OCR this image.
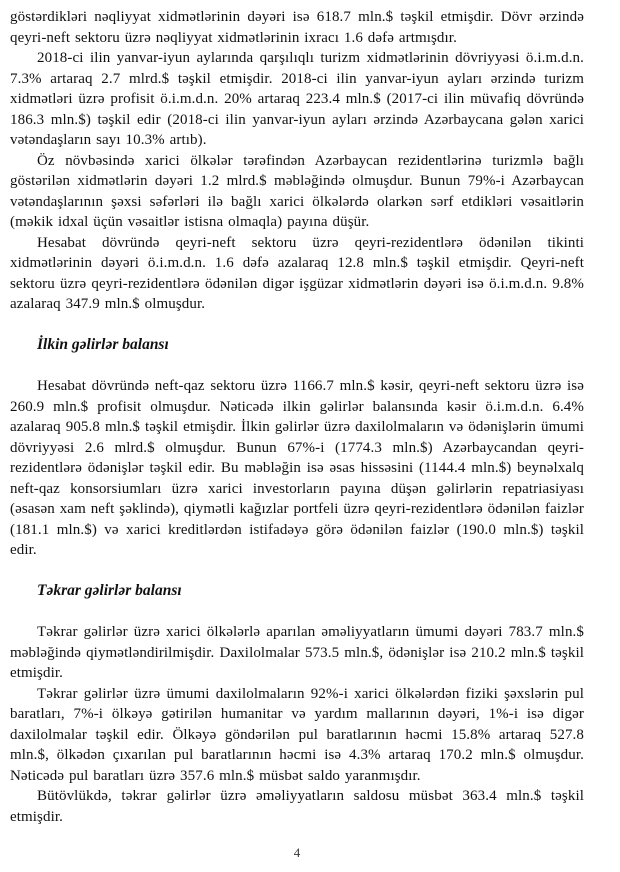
göstərdikləri nəqliyyat xidmətlərinin dəyəri isə 618.7 mln.$ təşkil etmişdir. Dövr ərzində qeyri-neft sektoru üzrə nəqliyyat xidmətlərinin ixracı 1.6 dəfə artmışdır.

2018-ci ilin yanvar-iyun aylarında qarşılıqlı turizm xidmətlərinin dövriyyəsi ö.i.m.d.n. 7.3% artaraq 2.7 mlrd.$ təşkil etmişdir. 2018-ci ilin yanvar-iyun ayları ərzində turizm xidmətləri üzrə profisit ö.i.m.d.n. 20% artaraq 223.4 mln.$ (2017-ci ilin müvafiq dövründə 186.3 mln.$) təşkil edir (2018-ci ilin yanvar-iyun ayları ərzində Azərbaycana gələn xarici vətəndaşların sayı 10.3% artıb).

Öz növbəsində xarici ölkələr tərəfindən Azərbaycan rezidentlərinə turizmlə bağlı göstərilən xidmətlərin dəyəri 1.2 mlrd.$ məbləğində olmuşdur. Bunun 79%-i Azərbaycan vətəndaşlarının şəxsi səfərləri ilə bağlı xarici ölkələrdə olarkən sərf etdikləri vəsaitlərin (məkik idxal üçün vəsaitlər istisna olmaqla) payına düşür.

Hesabat dövründə qeyri-neft sektoru üzrə qeyri-rezidentlərə ödənilən tikinti xidmətlərinin dəyəri ö.i.m.d.n. 1.6 dəfə azalaraq 12.8 mln.$ təşkil etmişdir. Qeyri-neft sektoru üzrə qeyri-rezidentlərə ödənilən digər işgüzar xidmətlərin dəyəri isə ö.i.m.d.n. 9.8% azalaraq 347.9 mln.$ olmuşdur.

İlkin gəlirlər balansı

Hesabat dövründə neft-qaz sektoru üzrə 1166.7 mln.$ kəsir, qeyri-neft sektoru üzrə isə 260.9 mln.$ profisit olmuşdur. Nəticədə ilkin gəlirlər balansında kəsir ö.i.m.d.n. 6.4% azalaraq 905.8 mln.$ təşkil etmişdir. İlkin gəlirlər üzrə daxilolmaların və ödənişlərin ümumi dövriyyəsi 2.6 mlrd.$ olmuşdur. Bunun 67%-i (1774.3 mln.$) Azərbaycandan qeyri-rezidentlərə ödənişlər təşkil edir. Bu məbləğin isə əsas hissəsini (1144.4 mln.$) beynəlxalq neft-qaz konsorsiumları üzrə xarici investorların payına düşən gəlirlərin repatriasiyası (əsasən xam neft şəklində), qiymətli kağızlar portfeli üzrə qeyri-rezidentlərə ödənilən faizlər (181.1 mln.$) və xarici kreditlərdən istifadəyə görə ödənilən faizlər (190.0 mln.$) təşkil edir.

Təkrar gəlirlər balansı

Təkrar gəlirlər üzrə xarici ölkələrlə aparılan əməliyyatların ümumi dəyəri 783.7 mln.$ məbləğində qiymətləndirilmişdir. Daxilolmalar 573.5 mln.$, ödənişlər isə 210.2 mln.$ təşkil etmişdir.

Təkrar gəlirlər üzrə ümumi daxilolmaların 92%-i xarici ölkələrdən fiziki şəxslərin pul baratları, 7%-i ölkəyə gətirilən humanitar və yardım mallarının dəyəri, 1%-i isə digər daxilolmalar təşkil edir. Ölkəyə göndərilən pul baratlarının həcmi 15.8% artaraq 527.8 mln.$, ölkədən çıxarılan pul baratlarının həcmi isə 4.3% artaraq 170.2 mln.$ olmuşdur. Nəticədə pul baratları üzrə 357.6 mln.$ müsbət saldo yaranmışdır.

Bütövlükdə, təkrar gəlirlər üzrə əməliyyatların saldosu müsbət 363.4 mln.$ təşkil etmişdir.

4
